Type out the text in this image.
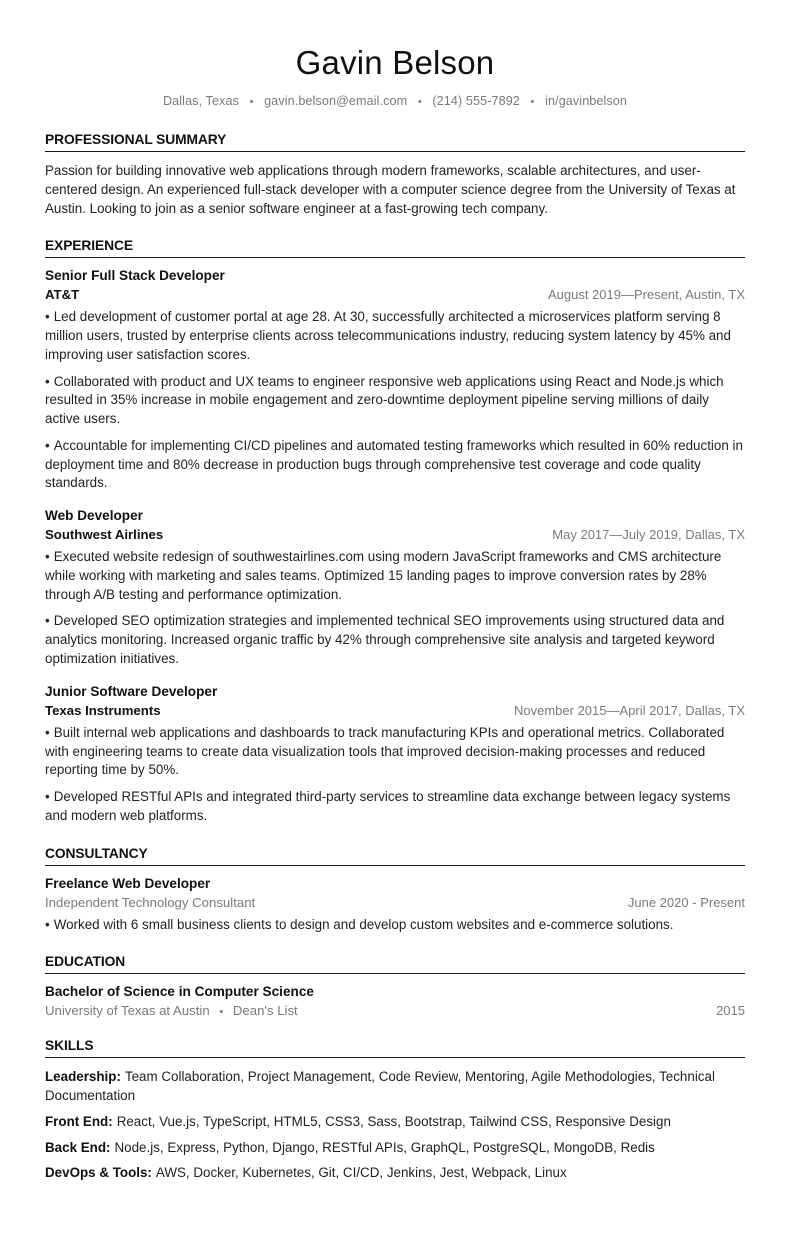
Gavin Belson
Dallas, Texas • gavin.belson@email.com • (214) 555-7892 • in/gavinbelson
PROFESSIONAL SUMMARY

Passion for building innovative web applications through modern frameworks, scalable architectures, and user-centered design. An experienced full-stack developer with a computer science degree from the University of Texas at Austin. Looking to join as a senior software engineer at a fast-growing tech company.

EXPERIENCE
Senior Full Stack Developer
AT&T	August 2019—Present, Austin, TX

• Led development of customer portal at age 28. At 30, successfully architected a microservices platform serving 8 million users, trusted by enterprise clients across telecommunications industry, reducing system latency by 45% and improving user satisfaction scores.

• Collaborated with product and UX teams to engineer responsive web applications using React and Node.js which resulted in 35% increase in mobile engagement and zero-downtime deployment pipeline serving millions of daily active users.

• Accountable for implementing CI/CD pipelines and automated testing frameworks which resulted in 60% reduction in deployment time and 80% decrease in production bugs through comprehensive test coverage and code quality standards.

Web Developer
Southwest Airlines	May 2017—July 2019, Dallas, TX

• Executed website redesign of southwestairlines.com using modern JavaScript frameworks and CMS architecture while working with marketing and sales teams. Optimized 15 landing pages to improve conversion rates by 28% through A/B testing and performance optimization.

• Developed SEO optimization strategies and implemented technical SEO improvements using structured data and analytics monitoring. Increased organic traffic by 42% through comprehensive site analysis and targeted keyword optimization initiatives.

Junior Software Developer
Texas Instruments	November 2015—April 2017, Dallas, TX

• Built internal web applications and dashboards to track manufacturing KPIs and operational metrics. Collaborated with engineering teams to create data visualization tools that improved decision-making processes and reduced reporting time by 50%.

• Developed RESTful APIs and integrated third-party services to streamline data exchange between legacy systems and modern web platforms.

CONSULTANCY
Freelance Web Developer
Independent Technology Consultant	June 2020 - Present

• Worked with 6 small business clients to design and develop custom websites and e-commerce solutions.

EDUCATION
Bachelor of Science in Computer Science
University of Texas at Austin • Dean's List	2015
SKILLS

Leadership: Team Collaboration, Project Management, Code Review, Mentoring, Agile Methodologies, Technical Documentation

Front End: React, Vue.js, TypeScript, HTML5, CSS3, Sass, Bootstrap, Tailwind CSS, Responsive Design

Back End: Node.js, Express, Python, Django, RESTful APIs, GraphQL, PostgreSQL, MongoDB, Redis

DevOps & Tools: AWS, Docker, Kubernetes, Git, CI/CD, Jenkins, Jest, Webpack, Linux
